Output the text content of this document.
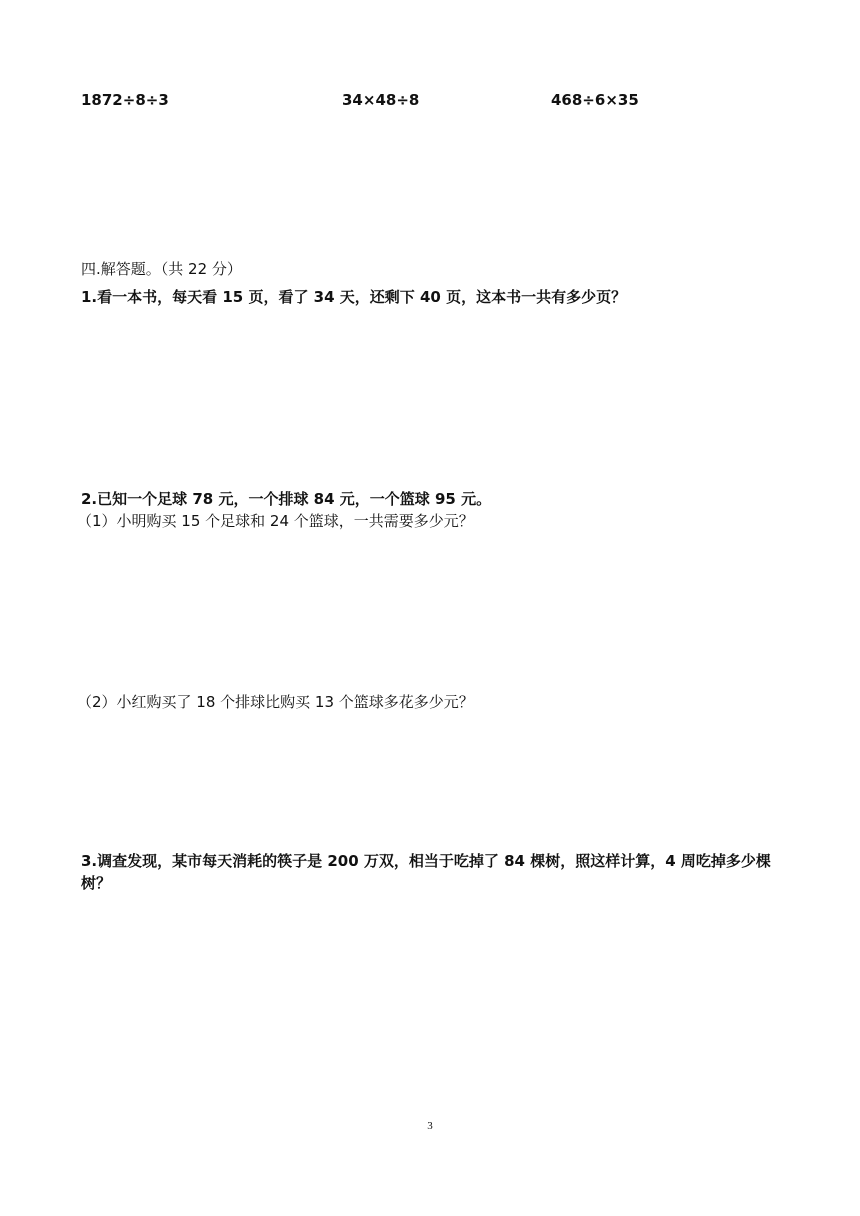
1872÷8÷3	34×48÷8	468÷6×35
四.解答题。（共 22 分）
1.看一本书，每天看 15 页，看了 34 天，还剩下 40 页，这本书一共有多少页？
2.已知一个足球 78 元，一个排球 84 元，一个篮球 95 元。
（1）小明购买 15 个足球和 24 个篮球，一共需要多少元？
（2）小红购买了 18 个排球比购买 13 个篮球多花多少元？
3.调查发现，某市每天消耗的筷子是 200 万双，相当于吃掉了 84 棵树，照这样计算，4 周吃掉多少棵树？
3
